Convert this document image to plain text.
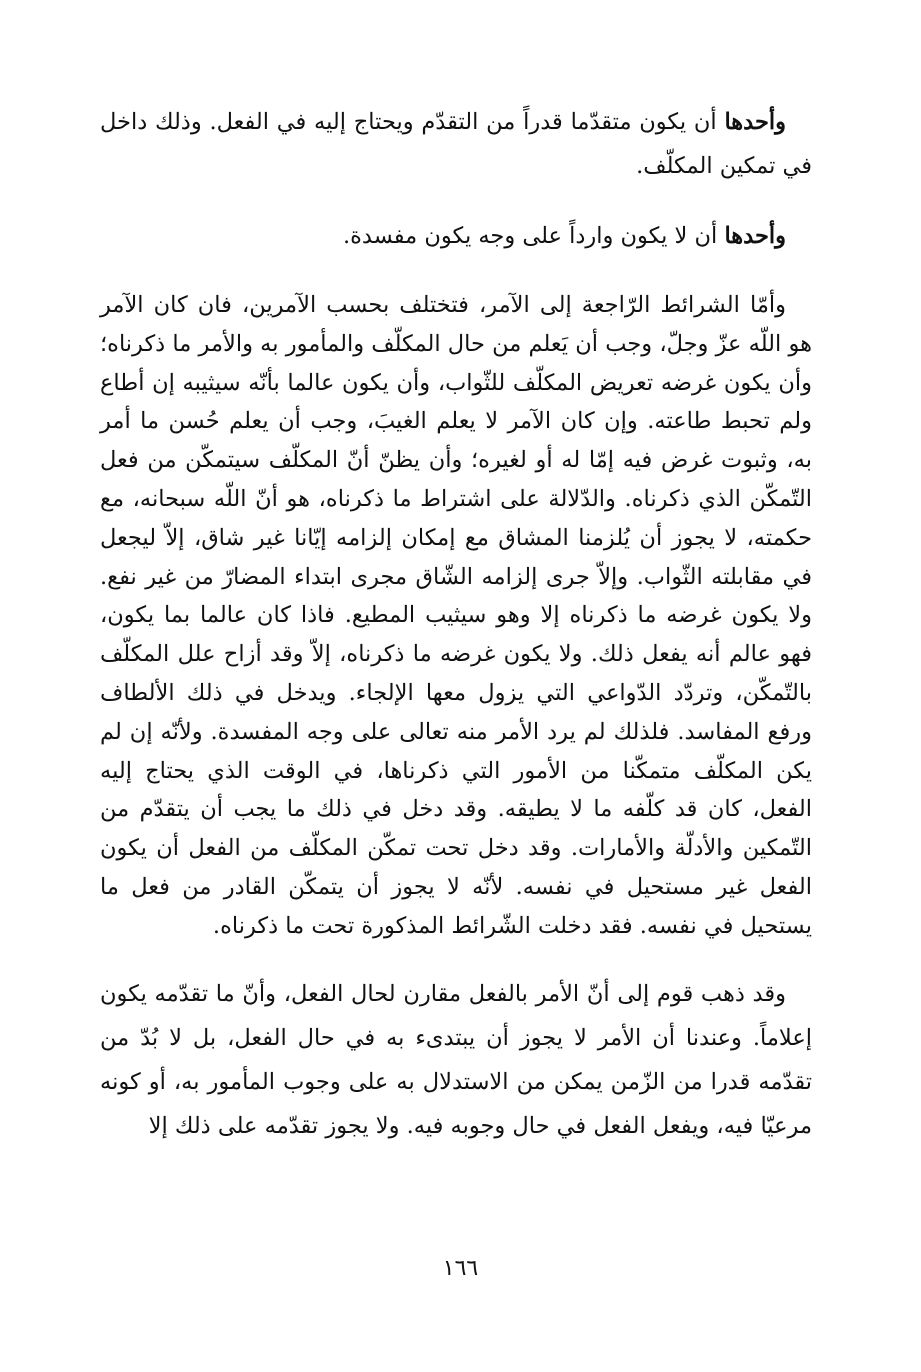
وأحدها أن يكون متقدّما قدراً من التقدّم ويحتاج إليه في الفعل. وذلك داخل في تمكين المكلّف.

وأحدها أن لا يكون وارداً على وجه يكون مفسدة.

وأمّا الشرائط الرّاجعة إلى الآمر، فتختلف بحسب الآمرين، فان كان الآمر هو اللّه عزّ وجلّ، وجب أن يَعلم من حال المكلّف والمأمور به والأمر ما ذكرناه؛ وأن يكون غرضه تعريض المكلّف للثّواب، وأن يكون عالما بأنّه سيثيبه إن أطاع ولم تحبط طاعته. وإن كان الآمر لا يعلم الغيبَ، وجب أن يعلم حُسن ما أمر به، وثبوت غرض فيه إمّا له أو لغيره؛ وأن يظنّ أنّ المكلّف سيتمكّن من فعل التّمكّن الذي ذكرناه. والدّلالة على اشتراط ما ذكرناه، هو أنّ اللّه سبحانه، مع حكمته، لا يجوز أن يُلزمنا المشاق مع إمكان إلزامه إيّانا غير شاق، إلاّ ليجعل في مقابلته الثّواب. وإلاّ جرى إلزامه الشّاق مجرى ابتداء المضارّ من غير نفع. ولا يكون غرضه ما ذكرناه إلا وهو سيثيب المطيع. فاذا كان عالما بما يكون، فهو عالم أنه يفعل ذلك. ولا يكون غرضه ما ذكرناه، إلاّ وقد أزاح علل المكلّف بالتّمكّن، وتردّد الدّواعي التي يزول معها الإلجاء. ويدخل في ذلك الألطاف ورفع المفاسد. فلذلك لم يرد الأمر منه تعالى على وجه المفسدة. ولأنّه إن لم يكن المكلّف متمكّنا من الأمور التي ذكرناها، في الوقت الذي يحتاج إليه الفعل، كان قد كلّفه ما لا يطيقه. وقد دخل في ذلك ما يجب أن يتقدّم من التّمكين والأدلّة والأمارات. وقد دخل تحت تمكّن المكلّف من الفعل أن يكون الفعل غير مستحيل في نفسه. لأنّه لا يجوز أن يتمكّن القادر من فعل ما يستحيل في نفسه. فقد دخلت الشّرائط المذكورة تحت ما ذكرناه.

وقد ذهب قوم إلى أنّ الأمر بالفعل مقارن لحال الفعل، وأنّ ما تقدّمه يكون إعلاماً. وعندنا أن الأمر لا يجوز أن يبتدىء به في حال الفعل، بل لا بُدّ من تقدّمه قدرا من الزّمن يمكن من الاستدلال به على وجوب المأمور به، أو كونه مرعيّا فيه، ويفعل الفعل في حال وجوبه فيه. ولا يجوز تقدّمه على ذلك إلا

١٦٦
